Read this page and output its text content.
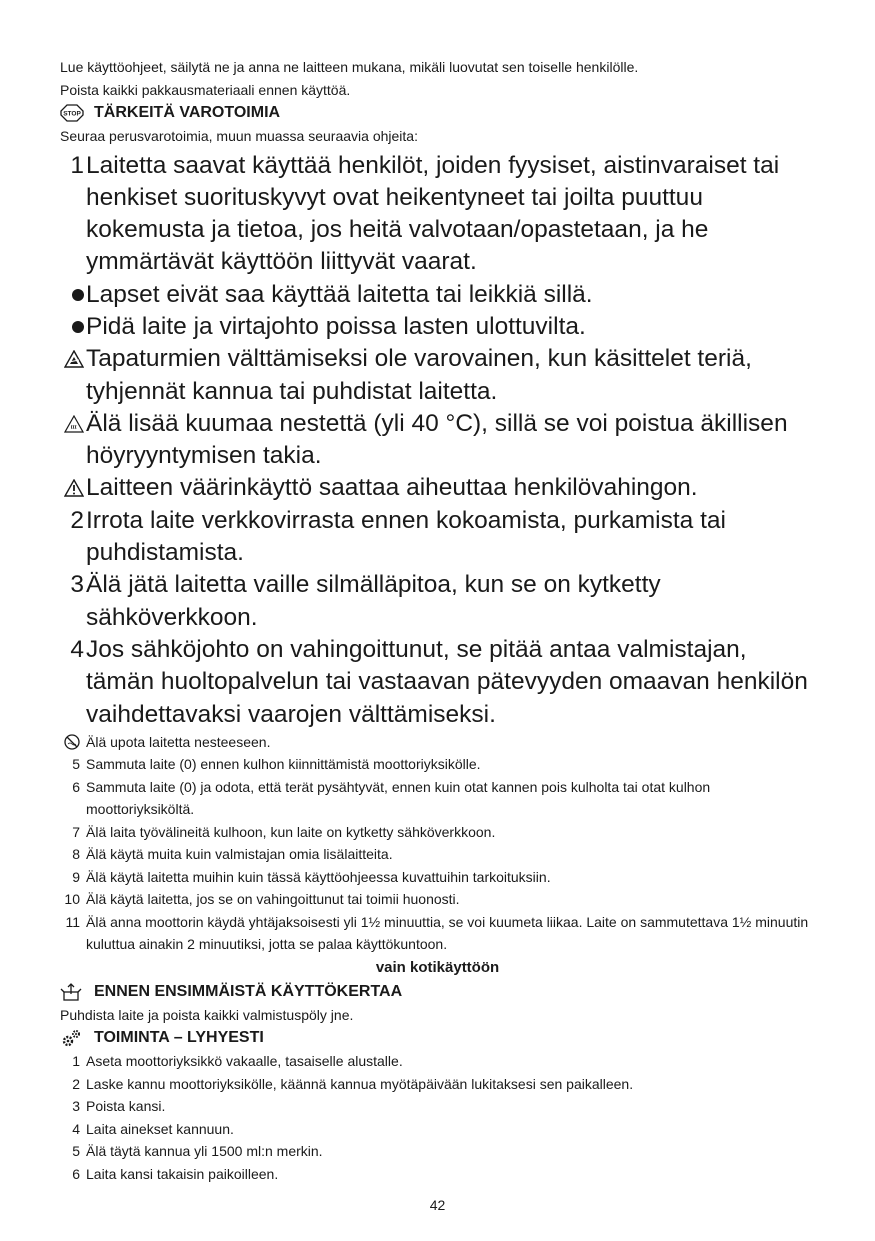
Lue käyttöohjeet, säilytä ne ja anna ne laitteen mukana, mikäli luovutat sen toiselle henkilölle.

Poista kaikki pakkausmateriaali ennen käyttöä.

STOP TÄRKEITÄ VAROTOIMIA
Seuraa perusvarotoimia, muun muassa seuraavia ohjeita:
1 Laitetta saavat käyttää henkilöt, joiden fyysiset, aistinvaraiset tai henkiset suorituskyvyt ovat heikentyneet tai joilta puuttuu kokemusta ja tietoa, jos heitä valvotaan/opastetaan, ja he ymmärtävät käyttöön liittyvät vaarat.
Lapset eivät saa käyttää laitetta tai leikkiä sillä.
Pidä laite ja virtajohto poissa lasten ulottuvilta.
Tapaturmien välttämiseksi ole varovainen, kun käsittelet teriä, tyhjennät kannua tai puhdistat laitetta.
Älä lisää kuumaa nestettä (yli 40 °C), sillä se voi poistua äkillisen höyryyntymisen takia.
Laitteen väärinkäyttö saattaa aiheuttaa henkilövahingon.
2 Irrota laite verkkovirrasta ennen kokoamista, purkamista tai puhdistamista.
3 Älä jätä laitetta vaille silmälläpitoa, kun se on kytketty sähköverkkoon.
4 Jos sähköjohto on vahingoittunut, se pitää antaa valmistajan, tämän huoltopalvelun tai vastaavan pätevyyden omaavan henkilön vaihdettavaksi vaarojen välttämiseksi.
Älä upota laitetta nesteeseen.
5 Sammuta laite (0) ennen kulhon kiinnittämistä moottoriyksikölle.
6 Sammuta laite (0) ja odota, että terät pysähtyvät, ennen kuin otat kannen pois kulholta tai otat kulhon moottoriyksiköltä.
7 Älä laita työvälineitä kulhoon, kun laite on kytketty sähköverkkoon.
8 Älä käytä muita kuin valmistajan omia lisälaitteita.
9 Älä käytä laitetta muihin kuin tässä käyttöohjeessa kuvattuihin tarkoituksiin.
10 Älä käytä laitetta, jos se on vahingoittunut tai toimii huonosti.
11 Älä anna moottorin käydä yhtäjaksoisesti yli 1½ minuuttia, se voi kuumeta liikaa. Laite on sammutettava 1½ minuutin kuluttua ainakin 2 minuutiksi, jotta se palaa käyttökuntoon.
vain kotikäyttöön
ENNEN ENSIMMÄISTÄ KÄYTTÖKERTAA
Puhdista laite ja poista kaikki valmistuspöly jne.
TOIMINTA – LYHYESTI
1 Aseta moottoriyksikkö vakaalle, tasaiselle alustalle.
2 Laske kannu moottoriyksikölle, käännä kannua myötäpäivään lukitaksesi sen paikalleen.
3 Poista kansi.
4 Laita ainekset kannuun.
5 Älä täytä kannua yli 1500 ml:n merkin.
6 Laita kansi takaisin paikoilleen.
42
